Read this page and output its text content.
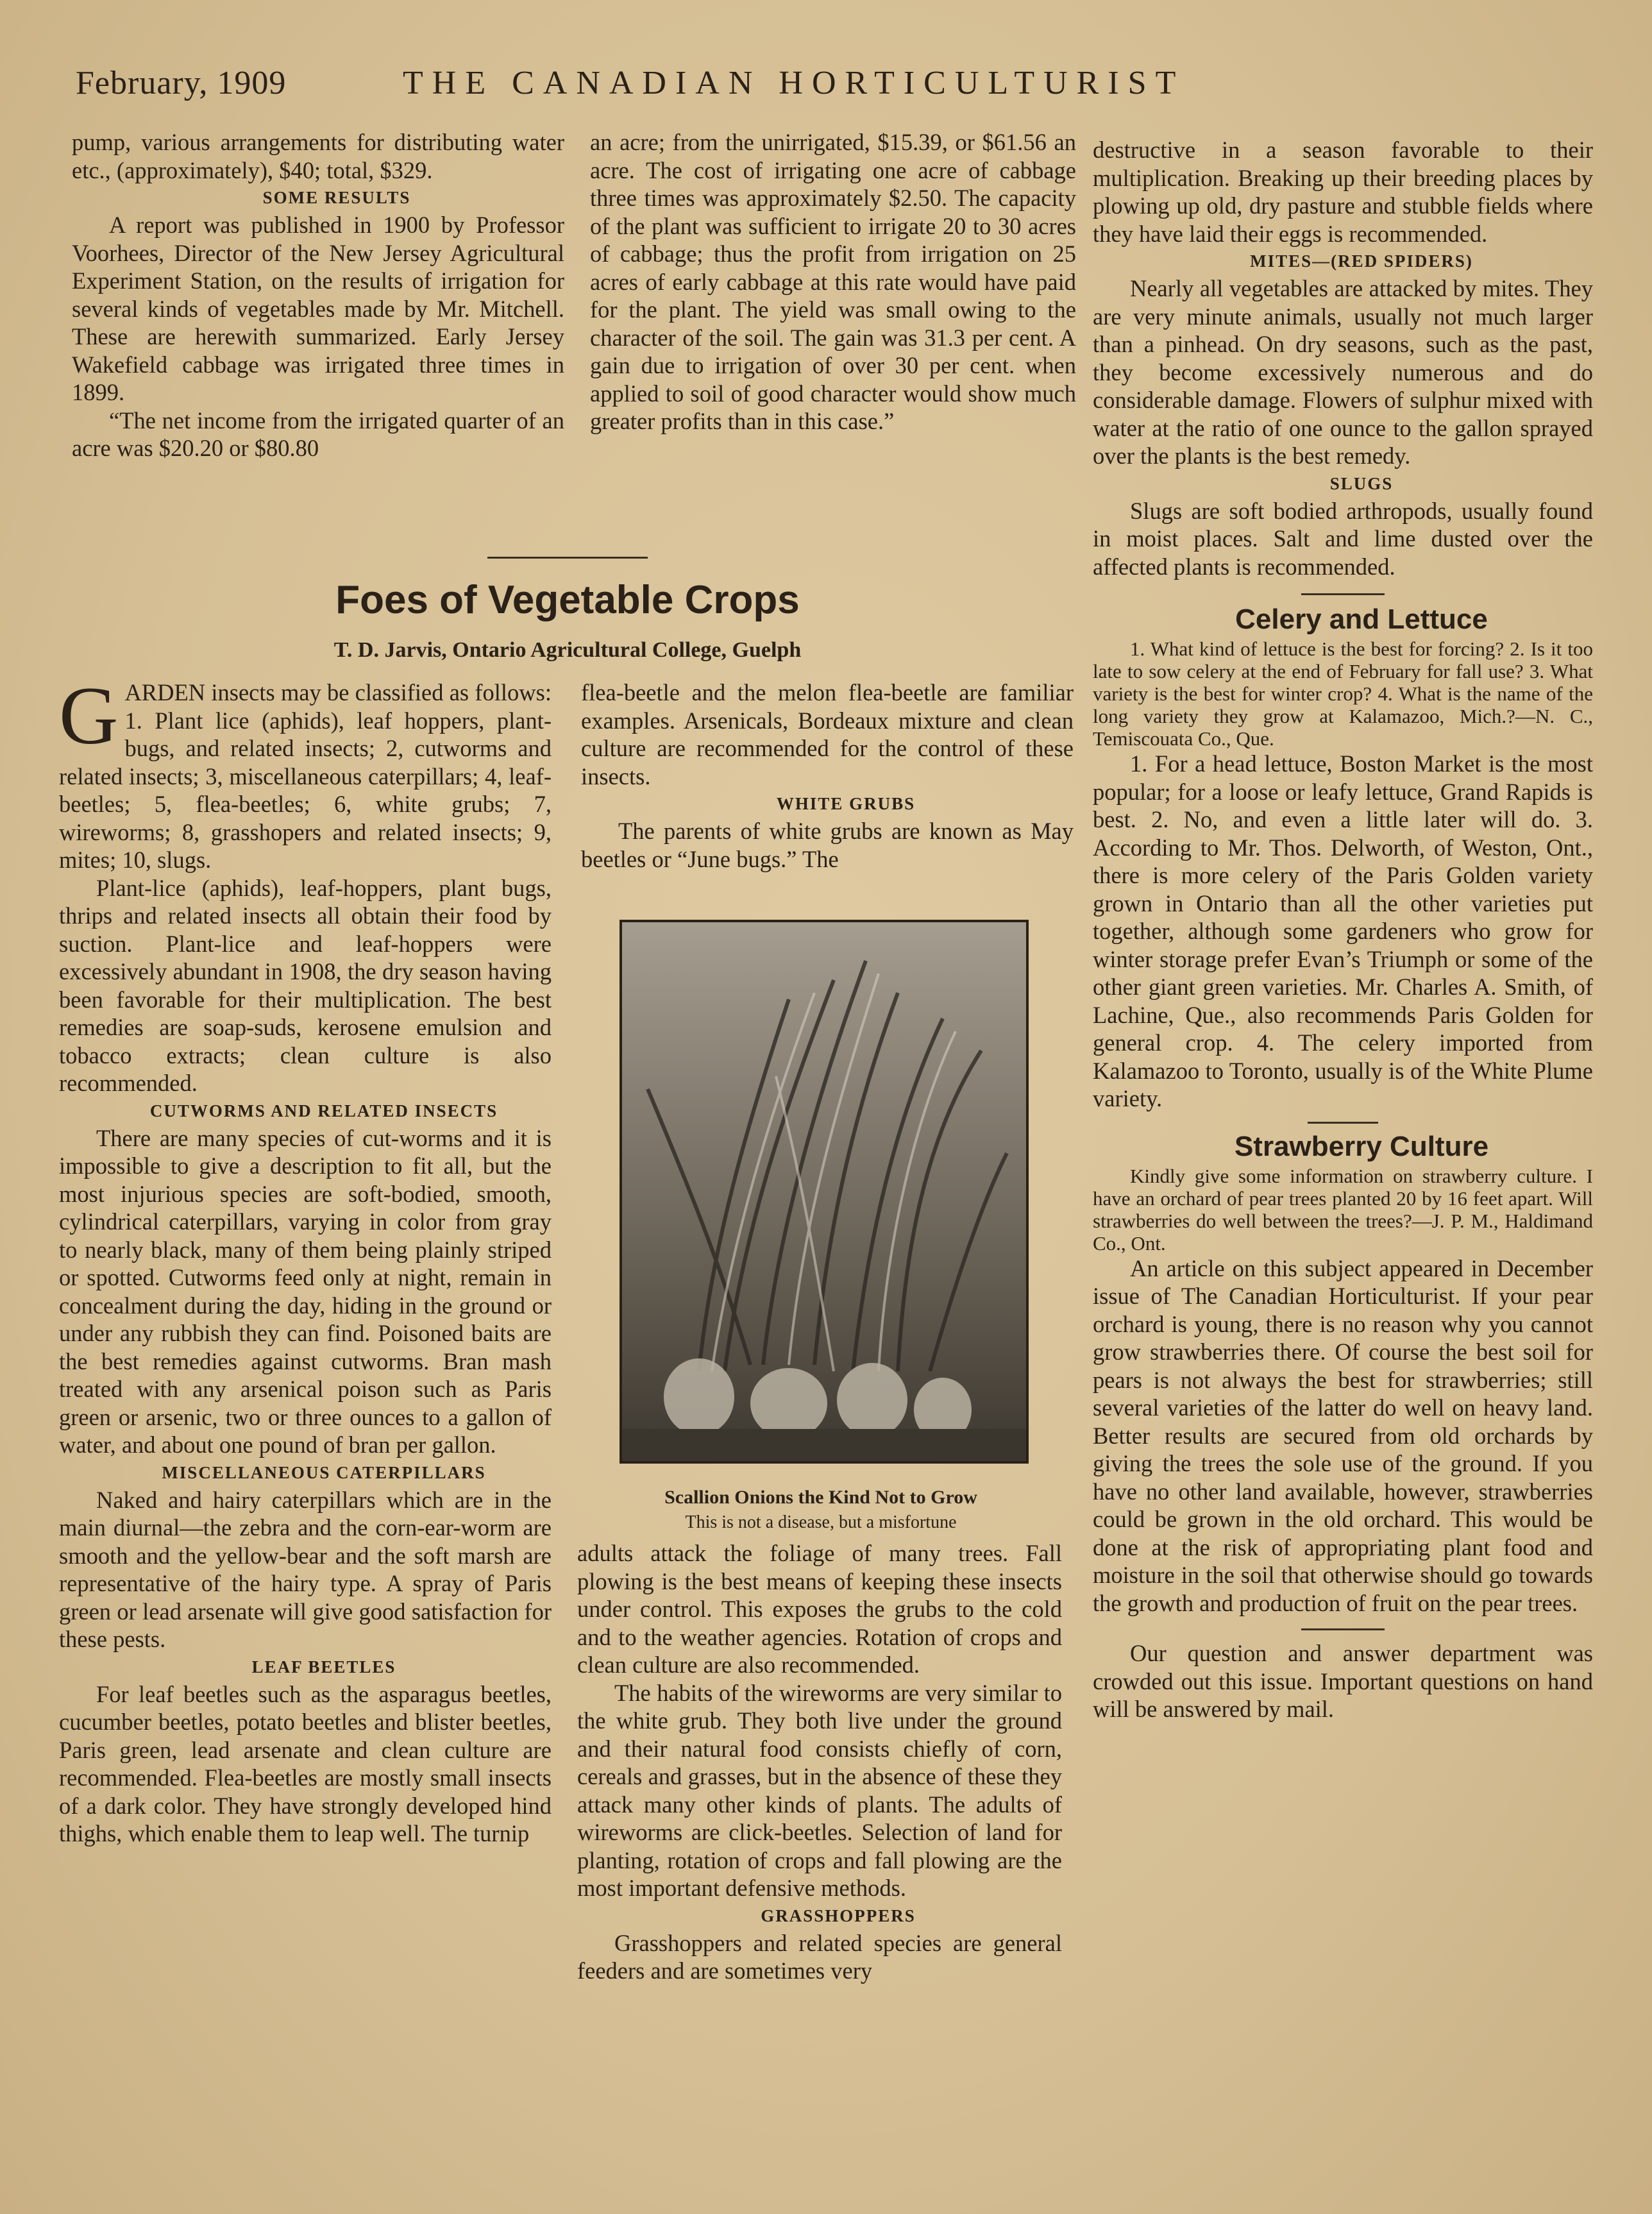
February, 1909	THE CANADIAN HORTICULTURIST

pump, various arrangements for distributing water etc., (approximately), $40; total, $329.

SOME RESULTS

A report was published in 1900 by Professor Voorhees, Director of the New Jersey Agricultural Experiment Station, on the results of irrigation for several kinds of vegetables made by Mr. Mitchell. These are herewith summarized. Early Jersey Wakefield cabbage was irrigated three times in 1899.

“The net income from the irrigated quarter of an acre was $20.20 or $80.80

an acre; from the unirrigated, $15.39, or $61.56 an acre. The cost of irrigating one acre of cabbage three times was approximately $2.50. The capacity of the plant was sufficient to irrigate 20 to 30 acres of cabbage; thus the profit from irrigation on 25 acres of early cabbage at this rate would have paid for the plant. The yield was small owing to the character of the soil. The gain was 31.3 per cent. A gain due to irrigation of over 30 per cent. when applied to soil of good character would show much greater profits than in this case.”

Foes of Vegetable Crops
T. D. Jarvis, Ontario Agricultural College, Guelph

GARDEN insects may be classified as follows: 1. Plant lice (aphids), leaf hoppers, plant-bugs, and related insects; 2, cutworms and related insects; 3, miscellaneous caterpillars; 4, leaf-beetles; 5, flea-beetles; 6, white grubs; 7, wireworms; 8, grasshopers and related insects; 9, mites; 10, slugs.

Plant-lice (aphids), leaf-hoppers, plant bugs, thrips and related insects all obtain their food by suction. Plant-lice and leaf-hoppers were excessively abundant in 1908, the dry season having been favorable for their multiplication. The best remedies are soap-suds, kerosene emulsion and tobacco extracts; clean culture is also recommended.

CUTWORMS AND RELATED INSECTS

There are many species of cut-worms and it is impossible to give a description to fit all, but the most injurious species are soft-bodied, smooth, cylindrical caterpillars, varying in color from gray to nearly black, many of them being plainly striped or spotted. Cutworms feed only at night, remain in concealment during the day, hiding in the ground or under any rubbish they can find. Poisoned baits are the best remedies against cutworms. Bran mash treated with any arsenical poison such as Paris green or arsenic, two or three ounces to a gallon of water, and about one pound of bran per gallon.

MISCELLANEOUS CATERPILLARS

Naked and hairy caterpillars which are in the main diurnal—the zebra and the corn-ear-worm are smooth and the yellow-bear and the soft marsh are representative of the hairy type. A spray of Paris green or lead arsenate will give good satisfaction for these pests.

LEAF BEETLES

For leaf beetles such as the asparagus beetles, cucumber beetles, potato beetles and blister beetles, Paris green, lead arsenate and clean culture are recommended. Flea-beetles are mostly small insects of a dark color. They have strongly developed hind thighs, which enable them to leap well. The turnip

flea-beetle and the melon flea-beetle are familiar examples. Arsenicals, Bordeaux mixture and clean culture are recommended for the control of these insects.

WHITE GRUBS

The parents of white grubs are known as May beetles or “June bugs.” The

Scallion Onions the Kind Not to Grow
This is not a disease, but a misfortune

adults attack the foliage of many trees. Fall plowing is the best means of keeping these insects under control. This exposes the grubs to the cold and to the weather agencies. Rotation of crops and clean culture are also recommended.

The habits of the wireworms are very similar to the white grub. They both live under the ground and their natural food consists chiefly of corn, cereals and grasses, but in the absence of these they attack many other kinds of plants. The adults of wireworms are click-beetles. Selection of land for planting, rotation of crops and fall plowing are the most important defensive methods.

GRASSHOPPERS

Grasshoppers and related species are general feeders and are sometimes very

destructive in a season favorable to their multiplication. Breaking up their breeding places by plowing up old, dry pasture and stubble fields where they have laid their eggs is recommended.

MITES—(RED SPIDERS)

Nearly all vegetables are attacked by mites. They are very minute animals, usually not much larger than a pinhead. On dry seasons, such as the past, they become excessively numerous and do considerable damage. Flowers of sulphur mixed with water at the ratio of one ounce to the gallon sprayed over the plants is the best remedy.

SLUGS

Slugs are soft bodied arthropods, usually found in moist places. Salt and lime dusted over the affected plants is recommended.

Celery and Lettuce

1. What kind of lettuce is the best for forcing? 2. Is it too late to sow celery at the end of February for fall use? 3. What variety is the best for winter crop? 4. What is the name of the long variety they grow at Kalamazoo, Mich.?—N. C., Temiscouata Co., Que.

1. For a head lettuce, Boston Market is the most popular; for a loose or leafy lettuce, Grand Rapids is best. 2. No, and even a little later will do. 3. According to Mr. Thos. Delworth, of Weston, Ont., there is more celery of the Paris Golden variety grown in Ontario than all the other varieties put together, although some gardeners who grow for winter storage prefer Evan’s Triumph or some of the other giant green varieties. Mr. Charles A. Smith, of Lachine, Que., also recommends Paris Golden for general crop. 4. The celery imported from Kalamazoo to Toronto, usually is of the White Plume variety.

Strawberry Culture

Kindly give some information on strawberry culture. I have an orchard of pear trees planted 20 by 16 feet apart. Will strawberries do well between the trees?—J. P. M., Haldimand Co., Ont.

An article on this subject appeared in December issue of The Canadian Horticulturist. If your pear orchard is young, there is no reason why you cannot grow strawberries there. Of course the best soil for pears is not always the best for strawberries; still several varieties of the latter do well on heavy land. Better results are secured from old orchards by giving the trees the sole use of the ground. If you have no other land available, however, strawberries could be grown in the old orchard. This would be done at the risk of appropriating plant food and moisture in the soil that otherwise should go towards the growth and production of fruit on the pear trees.

Our question and answer department was crowded out this issue. Important questions on hand will be answered by mail.
